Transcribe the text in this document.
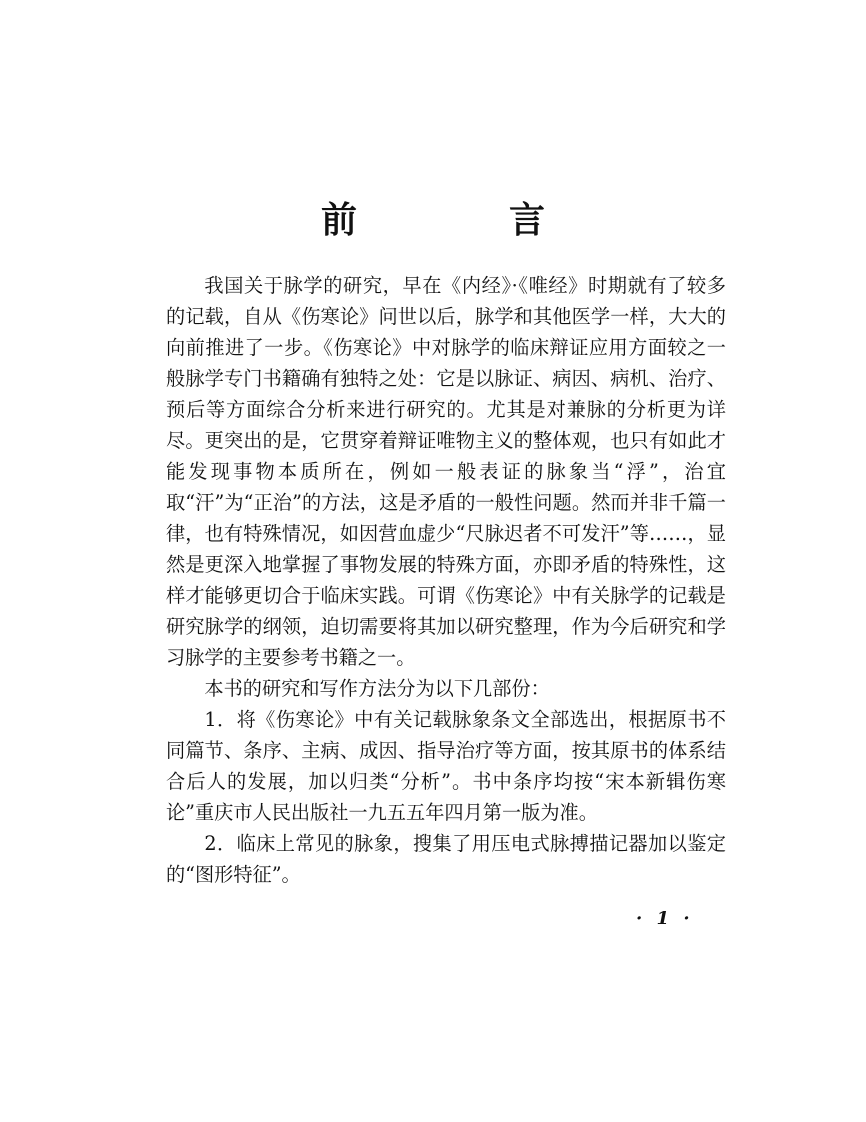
前　言

我国关于脉学的研究，早在《内经》·《唯经》时期就有了较多的记载，自从《伤寒论》问世以后，脉学和其他医学一样，大大的向前推进了一步。《伤寒论》中对脉学的临床辩证应用方面较之一般脉学专门书籍确有独特之处：它是以脉证、病因、病机、治疗、预后等方面综合分析来进行研究的。尤其是对兼脉的分析更为详尽。更突出的是，它贯穿着辩证唯物主义的整体观，也只有如此才能发现事物本质所在，例如一般表证的脉象当“浮”，治宜取“汗”为“正治”的方法，这是矛盾的一般性问题。然而并非千篇一律，也有特殊情况，如因营血虚少“尺脉迟者不可发汗”等……，显然是更深入地掌握了事物发展的特殊方面，亦即矛盾的特殊性，这样才能够更切合于临床实践。可谓《伤寒论》中有关脉学的记载是研究脉学的纲领，迫切需要将其加以研究整理，作为今后研究和学习脉学的主要参考书籍之一。

本书的研究和写作方法分为以下几部份：

1．将《伤寒论》中有关记载脉象条文全部选出，根据原书不同篇节、条序、主病、成因、指导治疗等方面，按其原书的体系结合后人的发展，加以归类“分析”。书中条序均按“宋本新辑伤寒论”重庆市人民出版社一九五五年四月第一版为准。

2．临床上常见的脉象，搜集了用压电式脉搏描记器加以鉴定的“图形特征”。

· 1 ·
